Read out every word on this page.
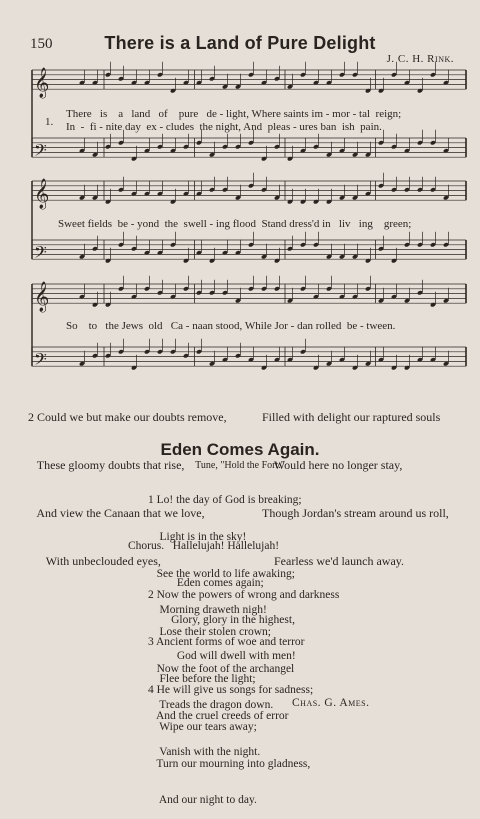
150	There is a Land of Pure Delight
J. C. H. Rink.
𝄞
𝄢
𝄞
𝄢
𝄞
𝄢
1.
There   is    a   land   of    pure   de - light, Where saints im - mor - tal  reign;
In  -  fi - nite day  ex - cludes  the night, And  pleas - ures ban  ish  pain.
Sweet fields  be - yond  the  swell - ing flood  Stand dress'd in   liv   ing    green;
So    to   the Jews  old   Ca - naan stood, While Jor - dan rolled  be - tween.

2 Could we but make our doubts remove,

These gloomy doubts that rise,

And view the Canaan that we love,

With unbeclouded eyes,

Filled with delight our raptured souls

Would here no longer stay,

Though Jordan's stream around us roll,

Fearless we'd launch away.

Eden Comes Again.
Tune, "Hold the Fort."

1 Lo! the day of God is breaking;

Light is in the sky!

See the world to life awaking;

Morning draweth nigh!

Chorus.   Hallelujah! Hallelujah!

Eden comes again;

Glory, glory in the highest,

God will dwell with men!

2 Now the powers of wrong and darkness

Lose their stolen crown;

Now the foot of the archangel

Treads the dragon down.

3 Ancient forms of woe and terror

Flee before the light;

And the cruel creeds of error

Vanish with the night.

4 He will give us songs for sadness;

Wipe our tears away;

Turn our mourning into gladness,

And our night to day.

Chas. G. Ames.
